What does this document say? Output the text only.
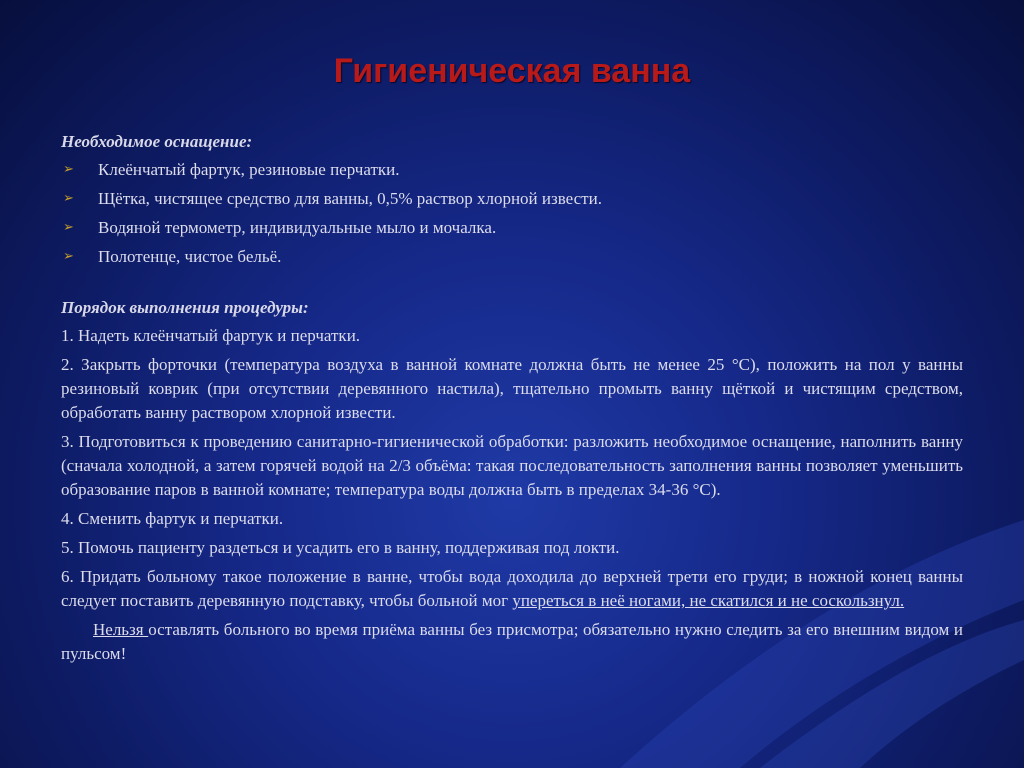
Гигиеническая ванна
Необходимое оснащение:
➢ Клеёнчатый фартук, резиновые перчатки.
➢ Щётка, чистящее средство для ванны, 0,5% раствор хлорной извести.
➢ Водяной термометр, индивидуальные мыло и мочалка.
➢ Полотенце, чистое бельё.
Порядок выполнения процедуры:
1. Надеть клеёнчатый фартук и перчатки.
2. Закрыть форточки (температура воздуха в ванной комнате должна быть не менее 25 °С), положить на пол у ванны резиновый коврик (при отсутствии деревянного настила), тщательно промыть ванну щёткой и чистящим средством, обработать ванну раствором хлорной извести.
3. Подготовиться к проведению санитарно-гигиенической обработки: разложить необходимое оснащение, наполнить ванну (сначала холодной, а затем горячей водой на 2/3 объёма: такая последовательность заполнения ванны позволяет уменьшить образование паров в ванной комнате; температура воды должна быть в пределах 34-36 °С).
4. Сменить фартук и перчатки.
5. Помочь пациенту раздеться и усадить его в ванну, поддерживая под локти.
6. Придать больному такое положение в ванне, чтобы вода доходила до верхней трети его груди; в ножной конец ванны следует поставить деревянную подставку, чтобы больной мог упереться в неё ногами, не скатился и не соскользнул.
Нельзя оставлять больного во время приёма ванны без присмотра; обязательно нужно следить за его внешним видом и пульсом!
